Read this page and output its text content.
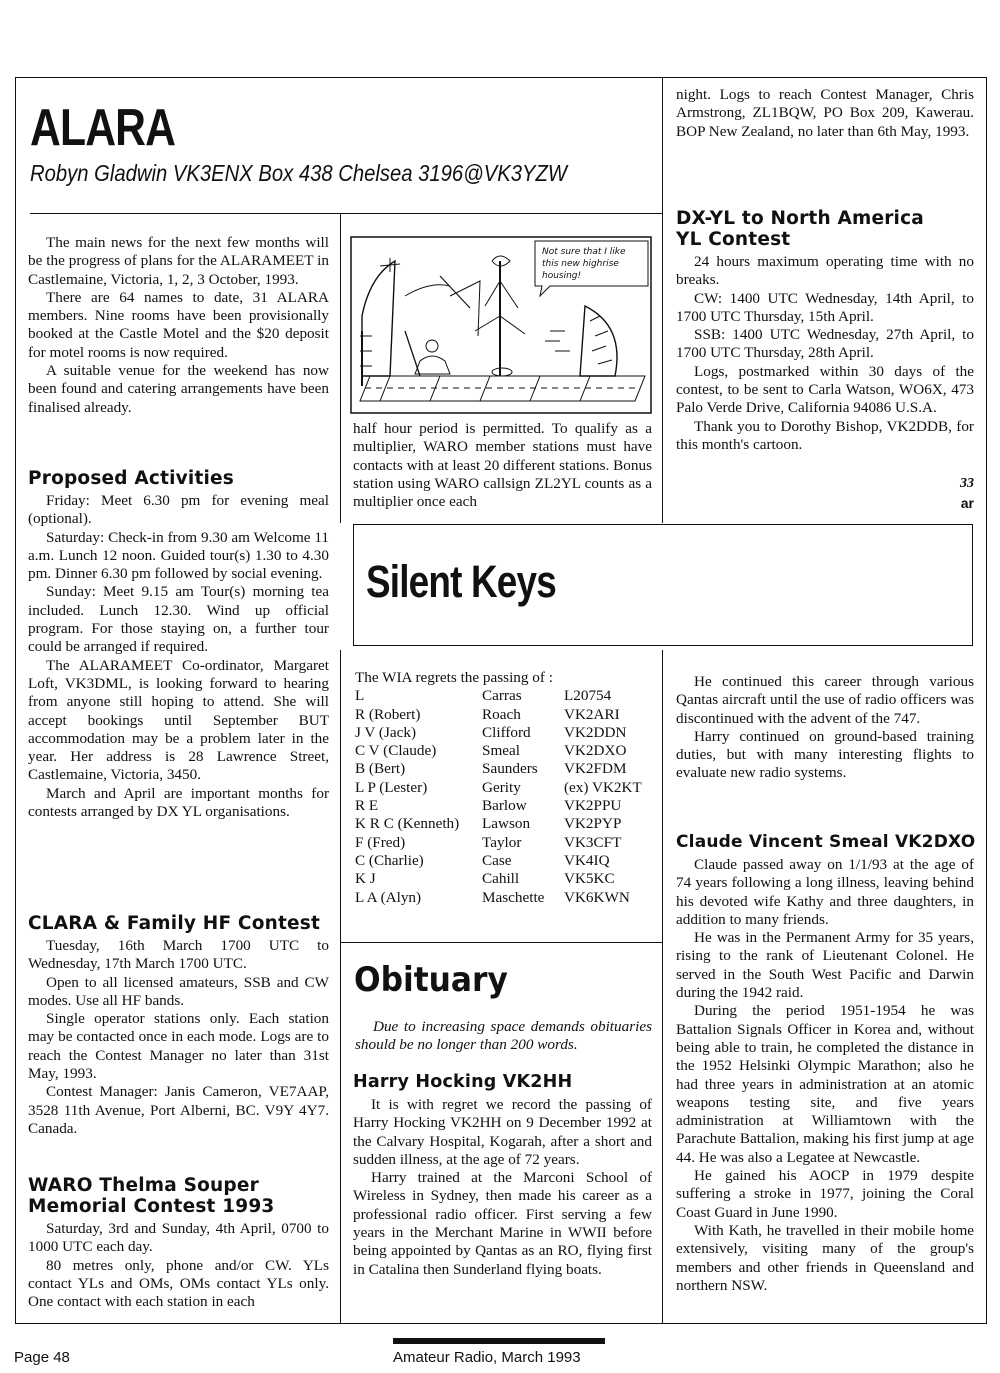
ALARA
Robyn Gladwin VK3ENX Box 438 Chelsea 3196@VK3YZW
Silent Keys

The main news for the next few months will be the progress of plans for the ALARAMEET in Castlemaine, Victoria, 1, 2, 3 October, 1993.

There are 64 names to date, 31 ALARA members. Nine rooms have been provisionally booked at the Castle Motel and the $20 deposit for motel rooms is now required.

A suitable venue for the weekend has now been found and catering arrangements have been finalised already.

Proposed Activities

Friday: Meet 6.30 pm for evening meal (optional).

Saturday: Check-in from 9.30 am Welcome 11 a.m. Lunch 12 noon. Guided tour(s) 1.30 to 4.30 pm. Dinner 6.30 pm followed by social evening.

Sunday: Meet 9.15 am Tour(s) morning tea included. Lunch 12.30. Wind up official program. For those staying on, a further tour could be arranged if required.

The ALARAMEET Co-ordinator, Margaret Loft, VK3DML, is looking forward to hearing from anyone still hoping to attend. She will accept bookings until September BUT accommodation may be a problem later in the year. Her address is 28 Lawrence Street, Castlemaine, Victoria, 3450.

March and April are important months for contests arranged by DX YL organisations.

CLARA & Family HF Contest

Tuesday, 16th March 1700 UTC to Wednesday, 17th March 1700 UTC.

Open to all licensed amateurs, SSB and CW modes. Use all HF bands.

Single operator stations only. Each station may be contacted once in each mode. Logs are to reach the Contest Manager no later than 31st May, 1993.

Contest Manager: Janis Cameron, VE7AAP, 3528 11th Avenue, Port Alberni, BC. V9Y 4Y7. Canada.

WARO Thelma Souper
Memorial Contest 1993

Saturday, 3rd and Sunday, 4th April, 0700 to 1000 UTC each day.

80 metres only, phone and/or CW. YLs contact YLs and OMs, OMs contact YLs only. One contact with each station in each

Not sure that I like this new highrise housing!

half hour period is permitted. To qualify as a multiplier, WARO member stations must have contacts with at least 20 different stations. Bonus station using WARO callsign ZL2YL counts as a multiplier once each

night. Logs to reach Contest Manager, Chris Armstrong, ZL1BQW, PO Box 209, Kawerau. BOP New Zealand, no later than 6th May, 1993.

DX-YL to North America
YL Contest

24 hours maximum operating time with no breaks.

CW: 1400 UTC Wednesday, 14th April, to 1700 UTC Thursday, 15th April.

SSB: 1400 UTC Wednesday, 27th April, to 1700 UTC Thursday, 28th April.

Logs, postmarked within 30 days of the contest, to be sent to Carla Watson, WO6X, 473 Palo Verde Drive, California 94086 U.S.A.

Thank you to Dorothy Bishop, VK2DDB, for this month's cartoon.

33
ar
The WIA regrets the passing of :
L	Carras	L20754
R (Robert)	Roach	VK2ARI
J V (Jack)	Clifford	VK2DDN
C V (Claude)	Smeal	VK2DXO
B (Bert)	Saunders	VK2FDM
L P (Lester)	Gerity	(ex) VK2KT
R E	Barlow	VK2PPU
K R C (Kenneth)	Lawson	VK2PYP
F (Fred)	Taylor	VK3CFT
C (Charlie)	Case	VK4IQ
K J	Cahill	VK5KC
L A (Alyn)	Maschette	VK6KWN
Obituary

Due to increasing space demands obituaries should be no longer than 200 words.

Harry Hocking VK2HH

It is with regret we record the passing of Harry Hocking VK2HH on 9 December 1992 at the Calvary Hospital, Kogarah, after a short and sudden illness, at the age of 72 years.

Harry trained at the Marconi School of Wireless in Sydney, then made his career as a professional radio officer. First serving a few years in the Merchant Marine in WWII before being appointed by Qantas as an RO, flying first in Catalina then Sunderland flying boats.

He continued this career through various Qantas aircraft until the use of radio officers was discontinued with the advent of the 747.

Harry continued on ground-based training duties, but with many interesting flights to evaluate new radio systems.

Claude Vincent Smeal VK2DXO

Claude passed away on 1/1/93 at the age of 74 years following a long illness, leaving behind his devoted wife Kathy and three daughters, in addition to many friends.

He was in the Permanent Army for 35 years, rising to the rank of Lieutenant Colonel. He served in the South West Pacific and Darwin during the 1942 raid.

During the period 1951-1954 he was Battalion Signals Officer in Korea and, without being able to train, he completed the distance in the 1952 Helsinki Olympic Marathon; also he had three years in administration at an atomic weapons testing site, and five years administration at Williamtown with the Parachute Battalion, making his first jump at age 44. He was also a Legatee at Newcastle.

He gained his AOCP in 1979 despite suffering a stroke in 1977, joining the Coral Coast Guard in June 1990.

With Kath, he travelled in their mobile home extensively, visiting many of the group's members and other friends in Queensland and northern NSW.

Page 48	Amateur Radio, March 1993
